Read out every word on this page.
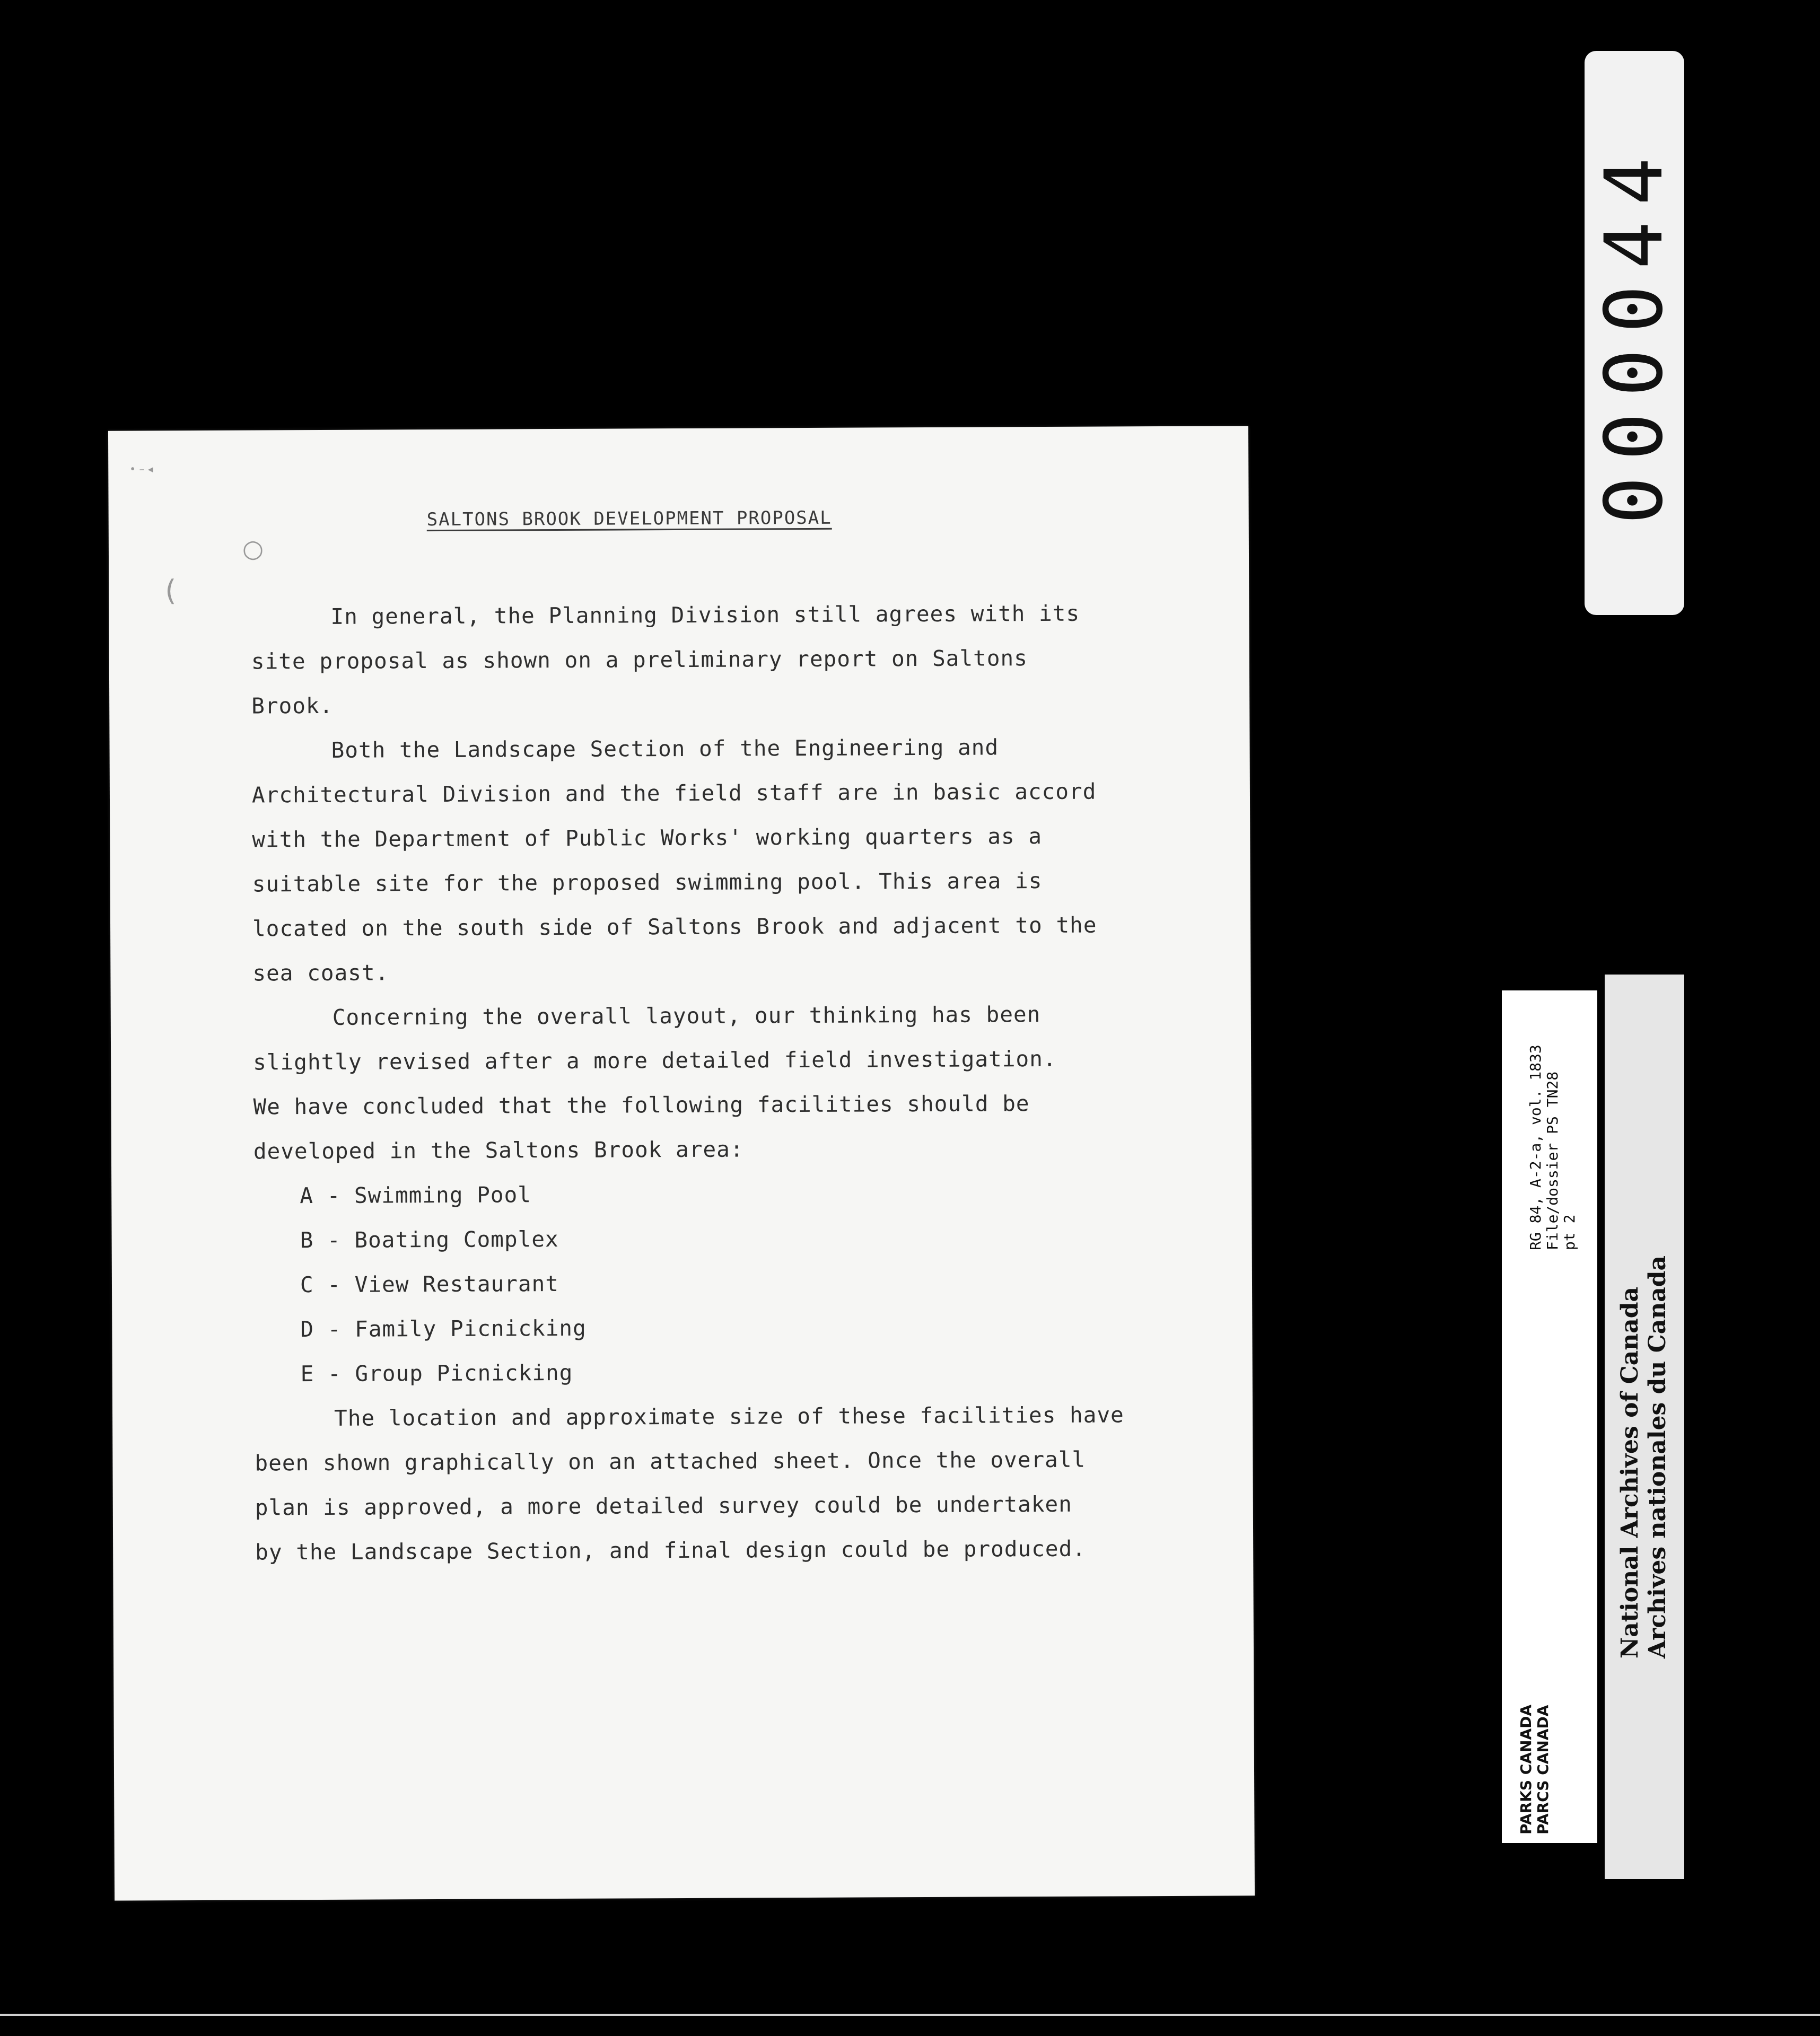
• – ◂
○
(
SALTONS BROOK DEVELOPMENT PROPOSAL
In general, the Planning Division still agrees with its
site proposal as shown on a preliminary report on Saltons
Brook.
Both the Landscape Section of the Engineering and
Architectural Division and the field staff are in basic accord
with the Department of Public Works' working quarters as a
suitable site for the proposed swimming pool. This area is
located on the south side of Saltons Brook and adjacent to the
sea coast.
Concerning the overall layout, our thinking has been
slightly revised after a more detailed field investigation.
We have concluded that the following facilities should be
developed in the Saltons Brook area:
A - Swimming Pool
B - Boating Complex
C - View Restaurant
D - Family Picnicking
E - Group Picnicking
The location and approximate size of these facilities have
been shown graphically on an attached sheet. Once the overall
plan is approved, a more detailed survey could be undertaken
by the Landscape Section, and final design could be produced.
000044
RG 84, A-2-a, vol. 1833 File/dossier PS TN28 pt 2
PARKS CANADA PARCS CANADA
National Archives of Canada Archives nationales du Canada
